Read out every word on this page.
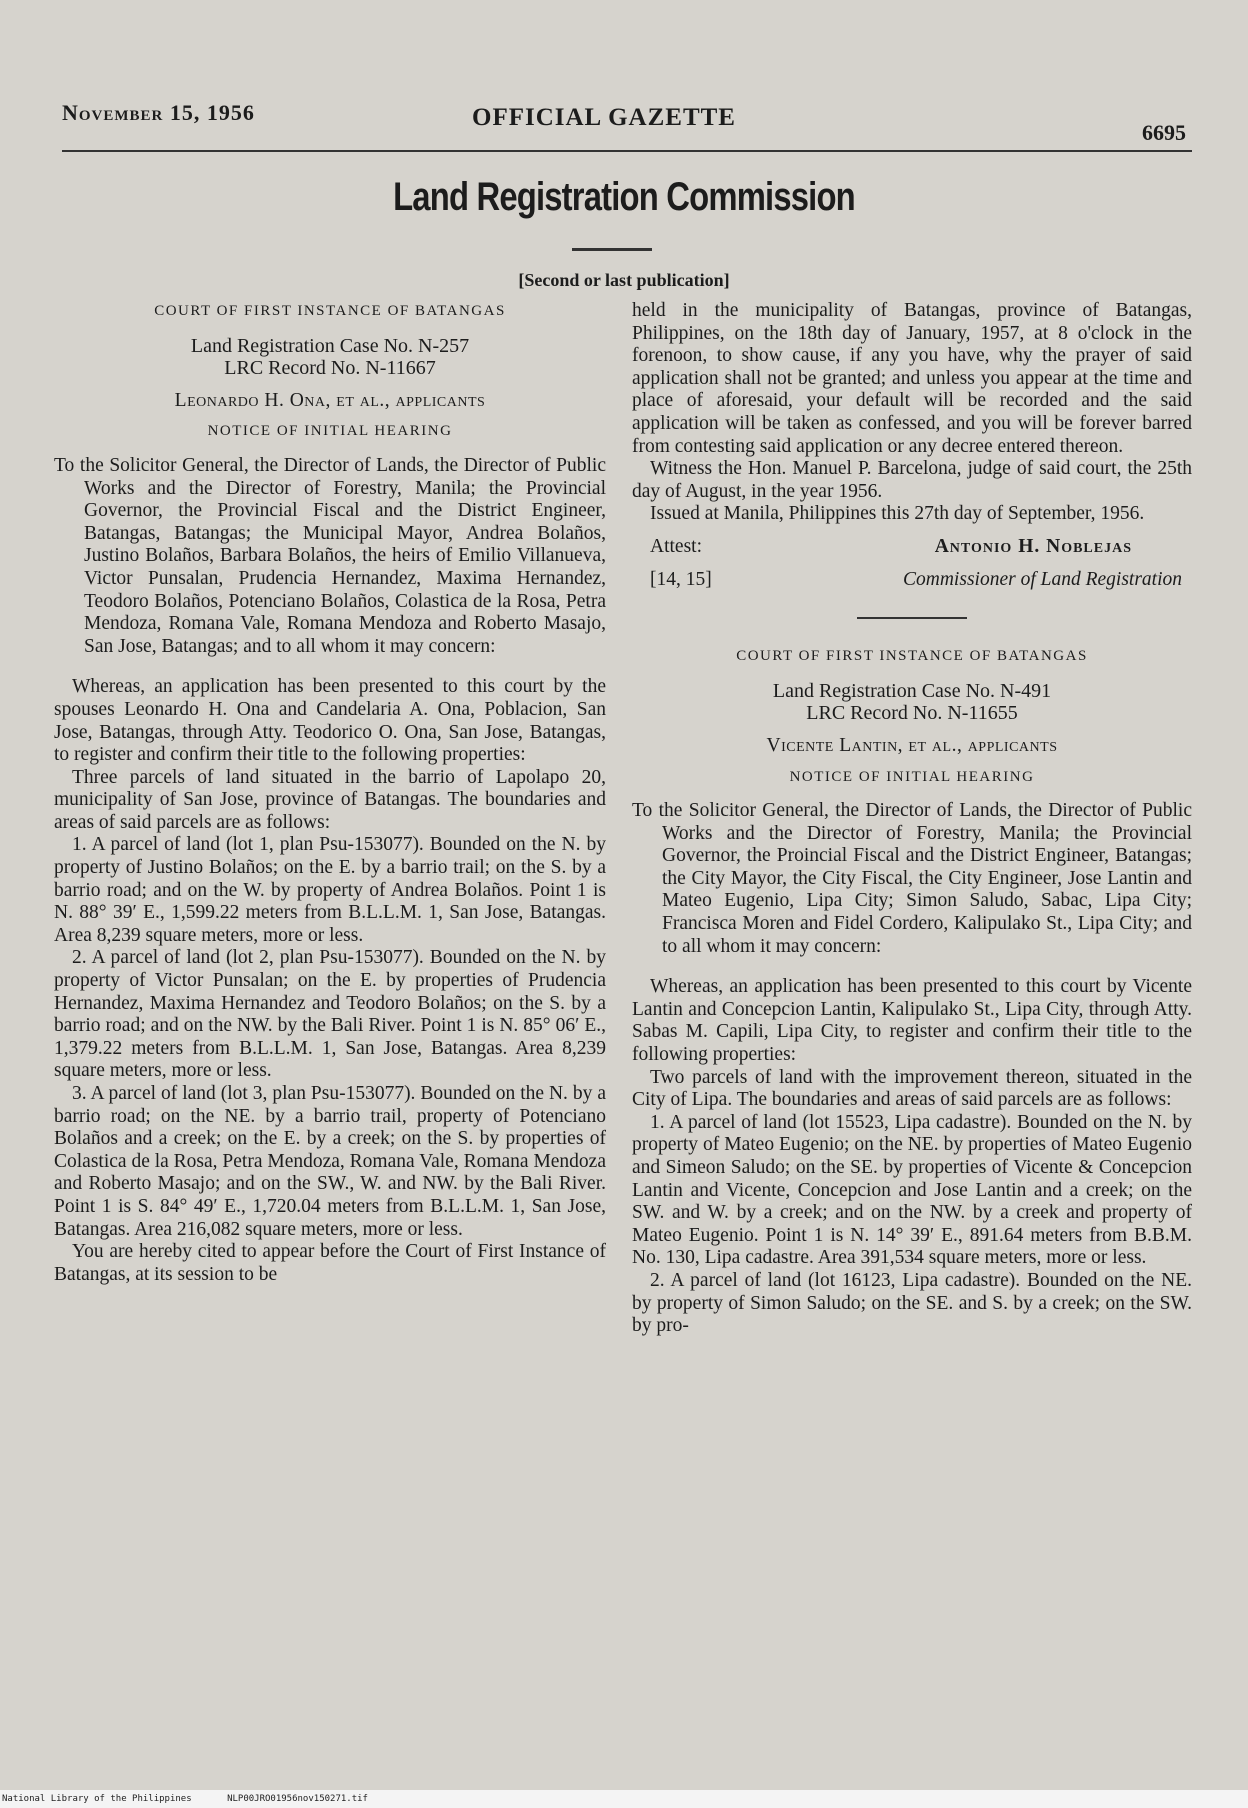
November 15, 1956	OFFICIAL GAZETTE
6695
Land Registration Commission
[Second or last publication]

COURT OF FIRST INSTANCE OF BATANGAS

Land Registration Case No. N-257

LRC Record No. N-11667

Leonardo H. Ona, et al., applicants

NOTICE OF INITIAL HEARING

To the Solicitor General, the Director of Lands, the Director of Public Works and the Director of Forestry, Manila; the Provincial Governor, the Provincial Fiscal and the District Engineer, Batangas, Batangas; the Municipal Mayor, Andrea Bolaños, Justino Bolaños, Barbara Bolaños, the heirs of Emilio Villanueva, Victor Punsalan, Prudencia Hernandez, Maxima Hernandez, Teodoro Bolaños, Potenciano Bolaños, Colastica de la Rosa, Petra Mendoza, Romana Vale, Romana Mendoza and Roberto Masajo, San Jose, Batangas; and to all whom it may concern:

Whereas, an application has been presented to this court by the spouses Leonardo H. Ona and Candelaria A. Ona, Poblacion, San Jose, Batangas, through Atty. Teodorico O. Ona, San Jose, Batangas, to register and confirm their title to the following properties:

Three parcels of land situated in the barrio of Lapolapo 20, municipality of San Jose, province of Batangas. The boundaries and areas of said parcels are as follows:

1. A parcel of land (lot 1, plan Psu-153077). Bounded on the N. by property of Justino Bolaños; on the E. by a barrio trail; on the S. by a barrio road; and on the W. by property of Andrea Bolaños. Point 1 is N. 88° 39′ E., 1,599.22 meters from B.L.L.M. 1, San Jose, Batangas. Area 8,239 square meters, more or less.

2. A parcel of land (lot 2, plan Psu-153077). Bounded on the N. by property of Victor Punsalan; on the E. by properties of Prudencia Hernandez, Maxima Hernandez and Teodoro Bolaños; on the S. by a barrio road; and on the NW. by the Bali River. Point 1 is N. 85° 06′ E., 1,379.22 meters from B.L.L.M. 1, San Jose, Batangas. Area 8,239 square meters, more or less.

3. A parcel of land (lot 3, plan Psu-153077). Bounded on the N. by a barrio road; on the NE. by a barrio trail, property of Potenciano Bolaños and a creek; on the E. by a creek; on the S. by properties of Colastica de la Rosa, Petra Mendoza, Romana Vale, Romana Mendoza and Roberto Masajo; and on the SW., W. and NW. by the Bali River. Point 1 is S. 84° 49′ E., 1,720.04 meters from B.L.L.M. 1, San Jose, Batangas. Area 216,082 square meters, more or less.

You are hereby cited to appear before the Court of First Instance of Batangas, at its session to be

held in the municipality of Batangas, province of Batangas, Philippines, on the 18th day of January, 1957, at 8 o'clock in the forenoon, to show cause, if any you have, why the prayer of said application shall not be granted; and unless you appear at the time and place of aforesaid, your default will be recorded and the said application will be taken as confessed, and you will be forever barred from contesting said application or any decree entered thereon.

Witness the Hon. Manuel P. Barcelona, judge of said court, the 25th day of August, in the year 1956.

Issued at Manila, Philippines this 27th day of September, 1956.

Attest:	Antonio H. Noblejas
[14, 15]	Commissioner of Land Registration

COURT OF FIRST INSTANCE OF BATANGAS

Land Registration Case No. N-491

LRC Record No. N-11655

Vicente Lantin, et al., applicants

NOTICE OF INITIAL HEARING

To the Solicitor General, the Director of Lands, the Director of Public Works and the Director of Forestry, Manila; the Provincial Governor, the Proincial Fiscal and the District Engineer, Batangas; the City Mayor, the City Fiscal, the City Engineer, Jose Lantin and Mateo Eugenio, Lipa City; Simon Saludo, Sabac, Lipa City; Francisca Moren and Fidel Cordero, Kalipulako St., Lipa City; and to all whom it may concern:

Whereas, an application has been presented to this court by Vicente Lantin and Concepcion Lantin, Kalipulako St., Lipa City, through Atty. Sabas M. Capili, Lipa City, to register and confirm their title to the following properties:

Two parcels of land with the improvement thereon, situated in the City of Lipa. The boundaries and areas of said parcels are as follows:

1. A parcel of land (lot 15523, Lipa cadastre). Bounded on the N. by property of Mateo Eugenio; on the NE. by properties of Mateo Eugenio and Simeon Saludo; on the SE. by properties of Vicente & Concepcion Lantin and Vicente, Concepcion and Jose Lantin and a creek; on the SW. and W. by a creek; and on the NW. by a creek and property of Mateo Eugenio. Point 1 is N. 14° 39′ E., 891.64 meters from B.B.M. No. 130, Lipa cadastre. Area 391,534 square meters, more or less.

2. A parcel of land (lot 16123, Lipa cadastre). Bounded on the NE. by property of Simon Saludo; on the SE. and S. by a creek; on the SW. by pro-

National Library of the Philippines	NLP00JRO01956nov150271.tif
